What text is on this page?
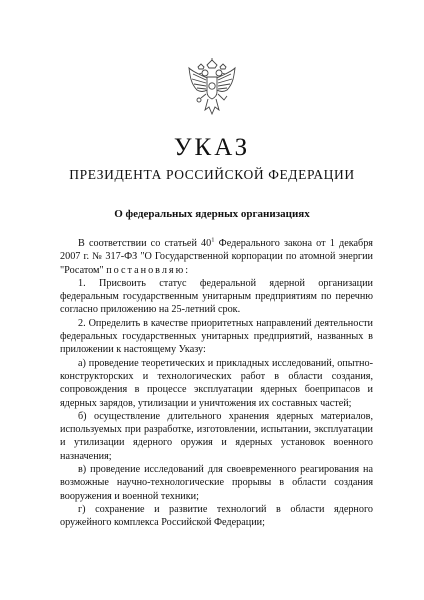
УКАЗ
ПРЕЗИДЕНТА РОССИЙСКОЙ ФЕДЕРАЦИИ
О федеральных ядерных организациях

В соответствии со статьей $40^1$ Федерального закона от 1 декабря 2007 г. № 317-ФЗ "О Государственной корпорации по атомной энергии "Росатом" постановляю:

1. Присвоить статус федеральной ядерной организации федеральным государственным унитарным предприятиям по перечню согласно приложению на 25-летний срок.

2. Определить в качестве приоритетных направлений деятельности федеральных государственных унитарных предприятий, названных в приложении к настоящему Указу:

а) проведение теоретических и прикладных исследований, опытно-конструкторских и технологических работ в области создания, сопровождения в процессе эксплуатации ядерных боеприпасов и ядерных зарядов, утилизации и уничтожения их составных частей;

б) осуществление длительного хранения ядерных материалов, используемых при разработке, изготовлении, испытании, эксплуатации и утилизации ядерного оружия и ядерных установок военного назначения;

в) проведение исследований для своевременного реагирования на возможные научно-технологические прорывы в области создания вооружения и военной техники;

г) сохранение и развитие технологий в области ядерного оружейного комплекса Российской Федерации;
